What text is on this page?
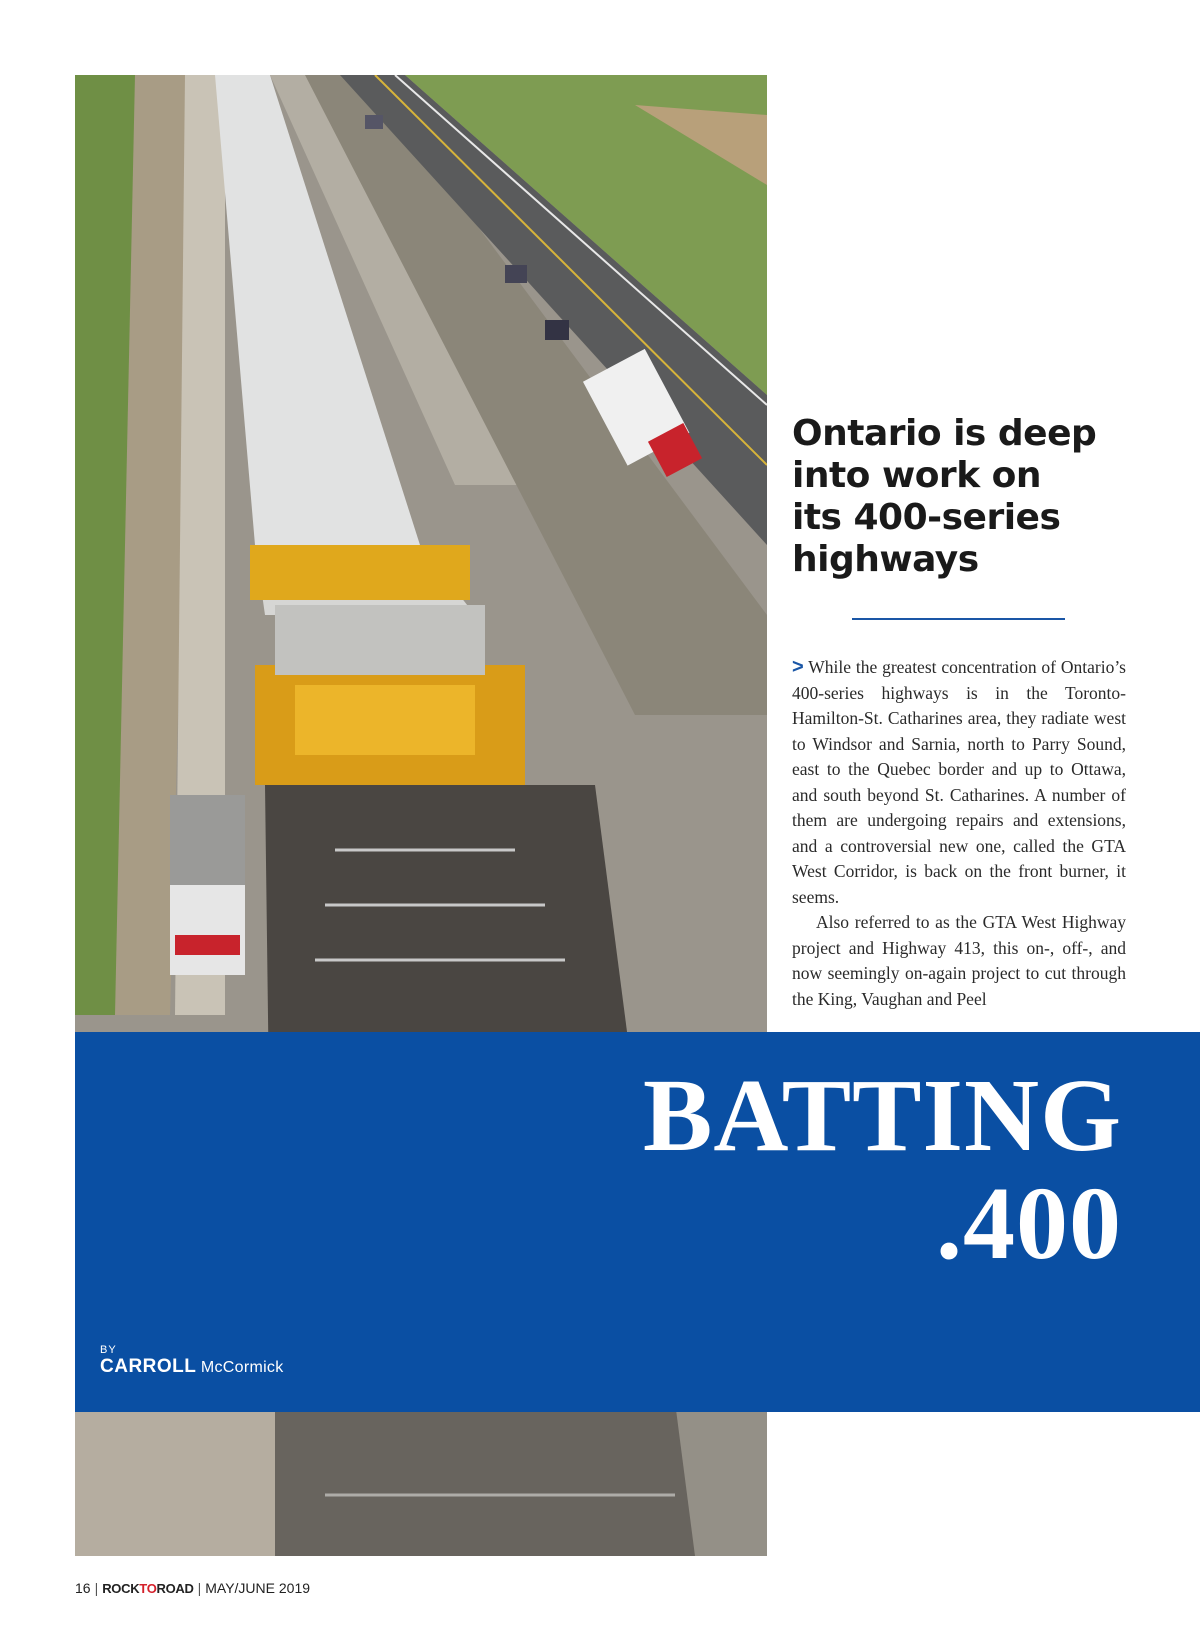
Ontario is deep
into work on
its 400-series
highways

> While the greatest concentration of Ontario’s 400-series highways is in the Toronto-Hamilton-St. Catharines area, they radiate west to Windsor and Sarnia, north to Parry Sound, east to the Quebec border and up to Ottawa, and south beyond St. Catharines. A number of them are undergoing repairs and extensions, and a controversial new one, called the GTA West Corridor, is back on the front burner, it seems.

Also referred to as the GTA West Highway project and Highway 413, this on-, off-, and now seemingly on-again project to cut through the King, Vaughan and Peel

BATTING
.400
BY
CARROLL McCormick
16 | ROCKTOROAD | MAY/JUNE 2019
